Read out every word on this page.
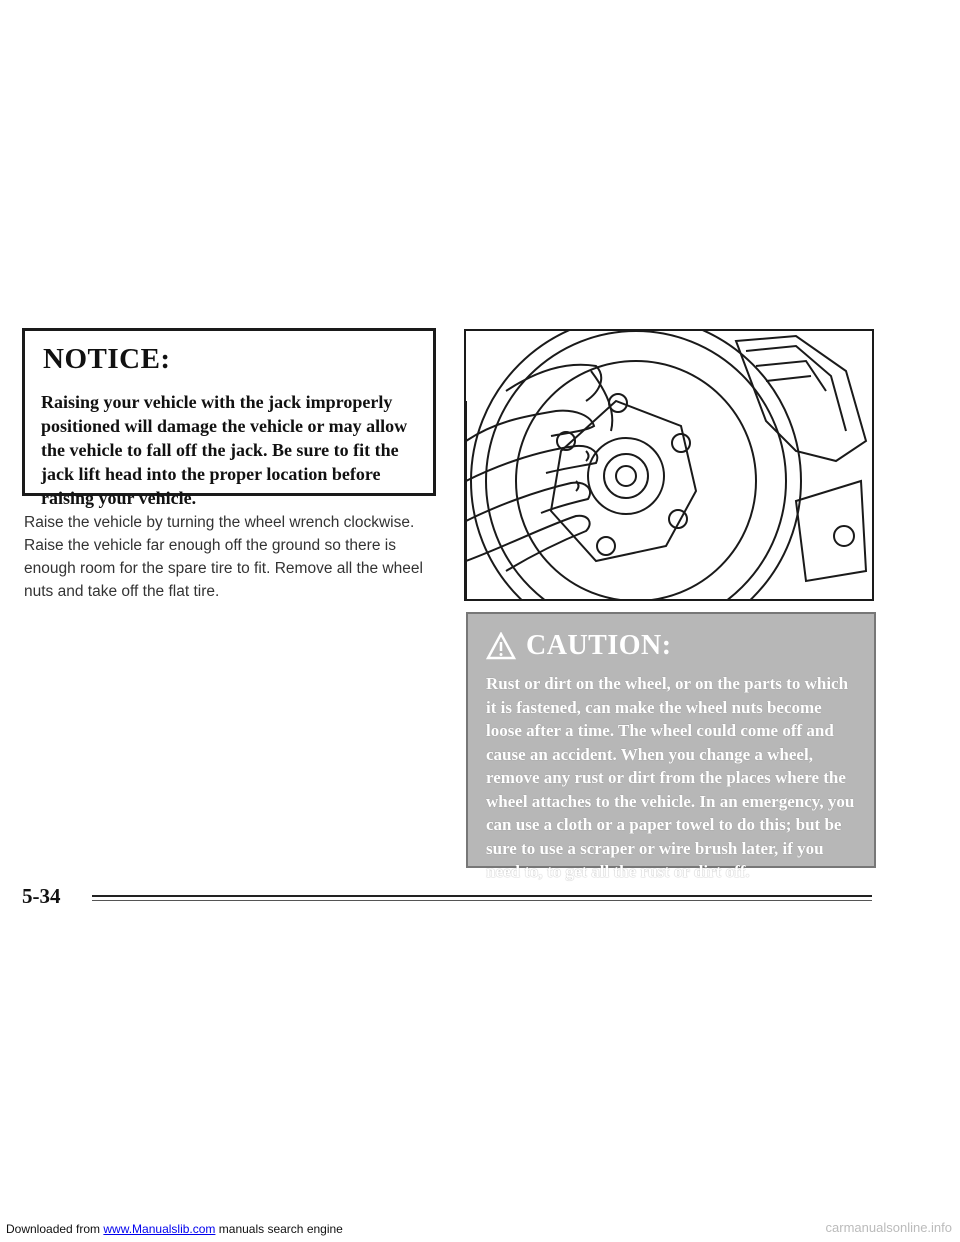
NOTICE:

Raising your vehicle with the jack improperly positioned will damage the vehicle or may allow the vehicle to fall off the jack. Be sure to fit the jack lift head into the proper location before raising your vehicle.

Raise the vehicle by turning the wheel wrench clockwise. Raise the vehicle far enough off the ground so there is enough room for the spare tire to fit. Remove all the wheel nuts and take off the flat tire.

CAUTION:

Rust or dirt on the wheel, or on the parts to which it is fastened, can make the wheel nuts become loose after a time. The wheel could come off and cause an accident. When you change a wheel, remove any rust or dirt from the places where the wheel attaches to the vehicle. In an emergency, you can use a cloth or a paper towel to do this; but be sure to use a scraper or wire brush later, if you need to, to get all the rust or dirt off.

5-34
Downloaded from www.Manualslib.com manuals search engine	carmanualsonline.info
